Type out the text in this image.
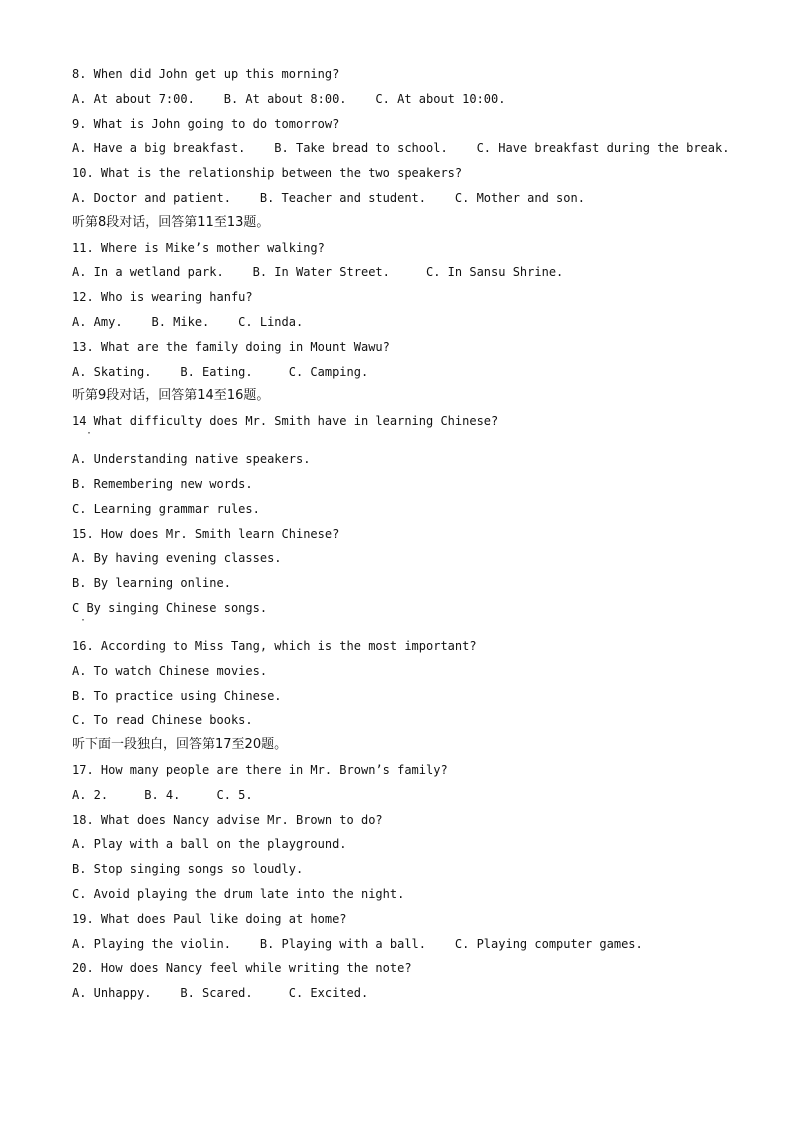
8. When did John get up this morning?
A. At about 7:00.    B. At about 8:00.    C. At about 10:00.
9. What is John going to do tomorrow?
A. Have a big breakfast.    B. Take bread to school.    C. Have breakfast during the break.
10. What is the relationship between the two speakers?
A. Doctor and patient.    B. Teacher and student.    C. Mother and son.
听第8段对话，回答第11至13题。
11. Where is Mike’s mother walking?
A. In a wetland park.    B. In Water Street.     C. In Sansu Shrine.
12. Who is wearing hanfu?
A. Amy.    B. Mike.    C. Linda.
13. What are the family doing in Mount Wawu?
A. Skating.    B. Eating.     C. Camping.
听第9段对话，回答第14至16题。
14 What difficulty does Mr. Smith have in learning Chinese?
·
A. Understanding native speakers.
B. Remembering new words.
C. Learning grammar rules.
15. How does Mr. Smith learn Chinese?
A. By having evening classes.
B. By learning online.
C By singing Chinese songs.
·
16. According to Miss Tang, which is the most important?
A. To watch Chinese movies.
B. To practice using Chinese.
C. To read Chinese books.
听下面一段独白，回答第17至20题。
17. How many people are there in Mr. Brown’s family?
A. 2.     B. 4.     C. 5.
18. What does Nancy advise Mr. Brown to do?
A. Play with a ball on the playground.
B. Stop singing songs so loudly.
C. Avoid playing the drum late into the night.
19. What does Paul like doing at home?
A. Playing the violin.    B. Playing with a ball.    C. Playing computer games.
20. How does Nancy feel while writing the note?
A. Unhappy.    B. Scared.     C. Excited.
